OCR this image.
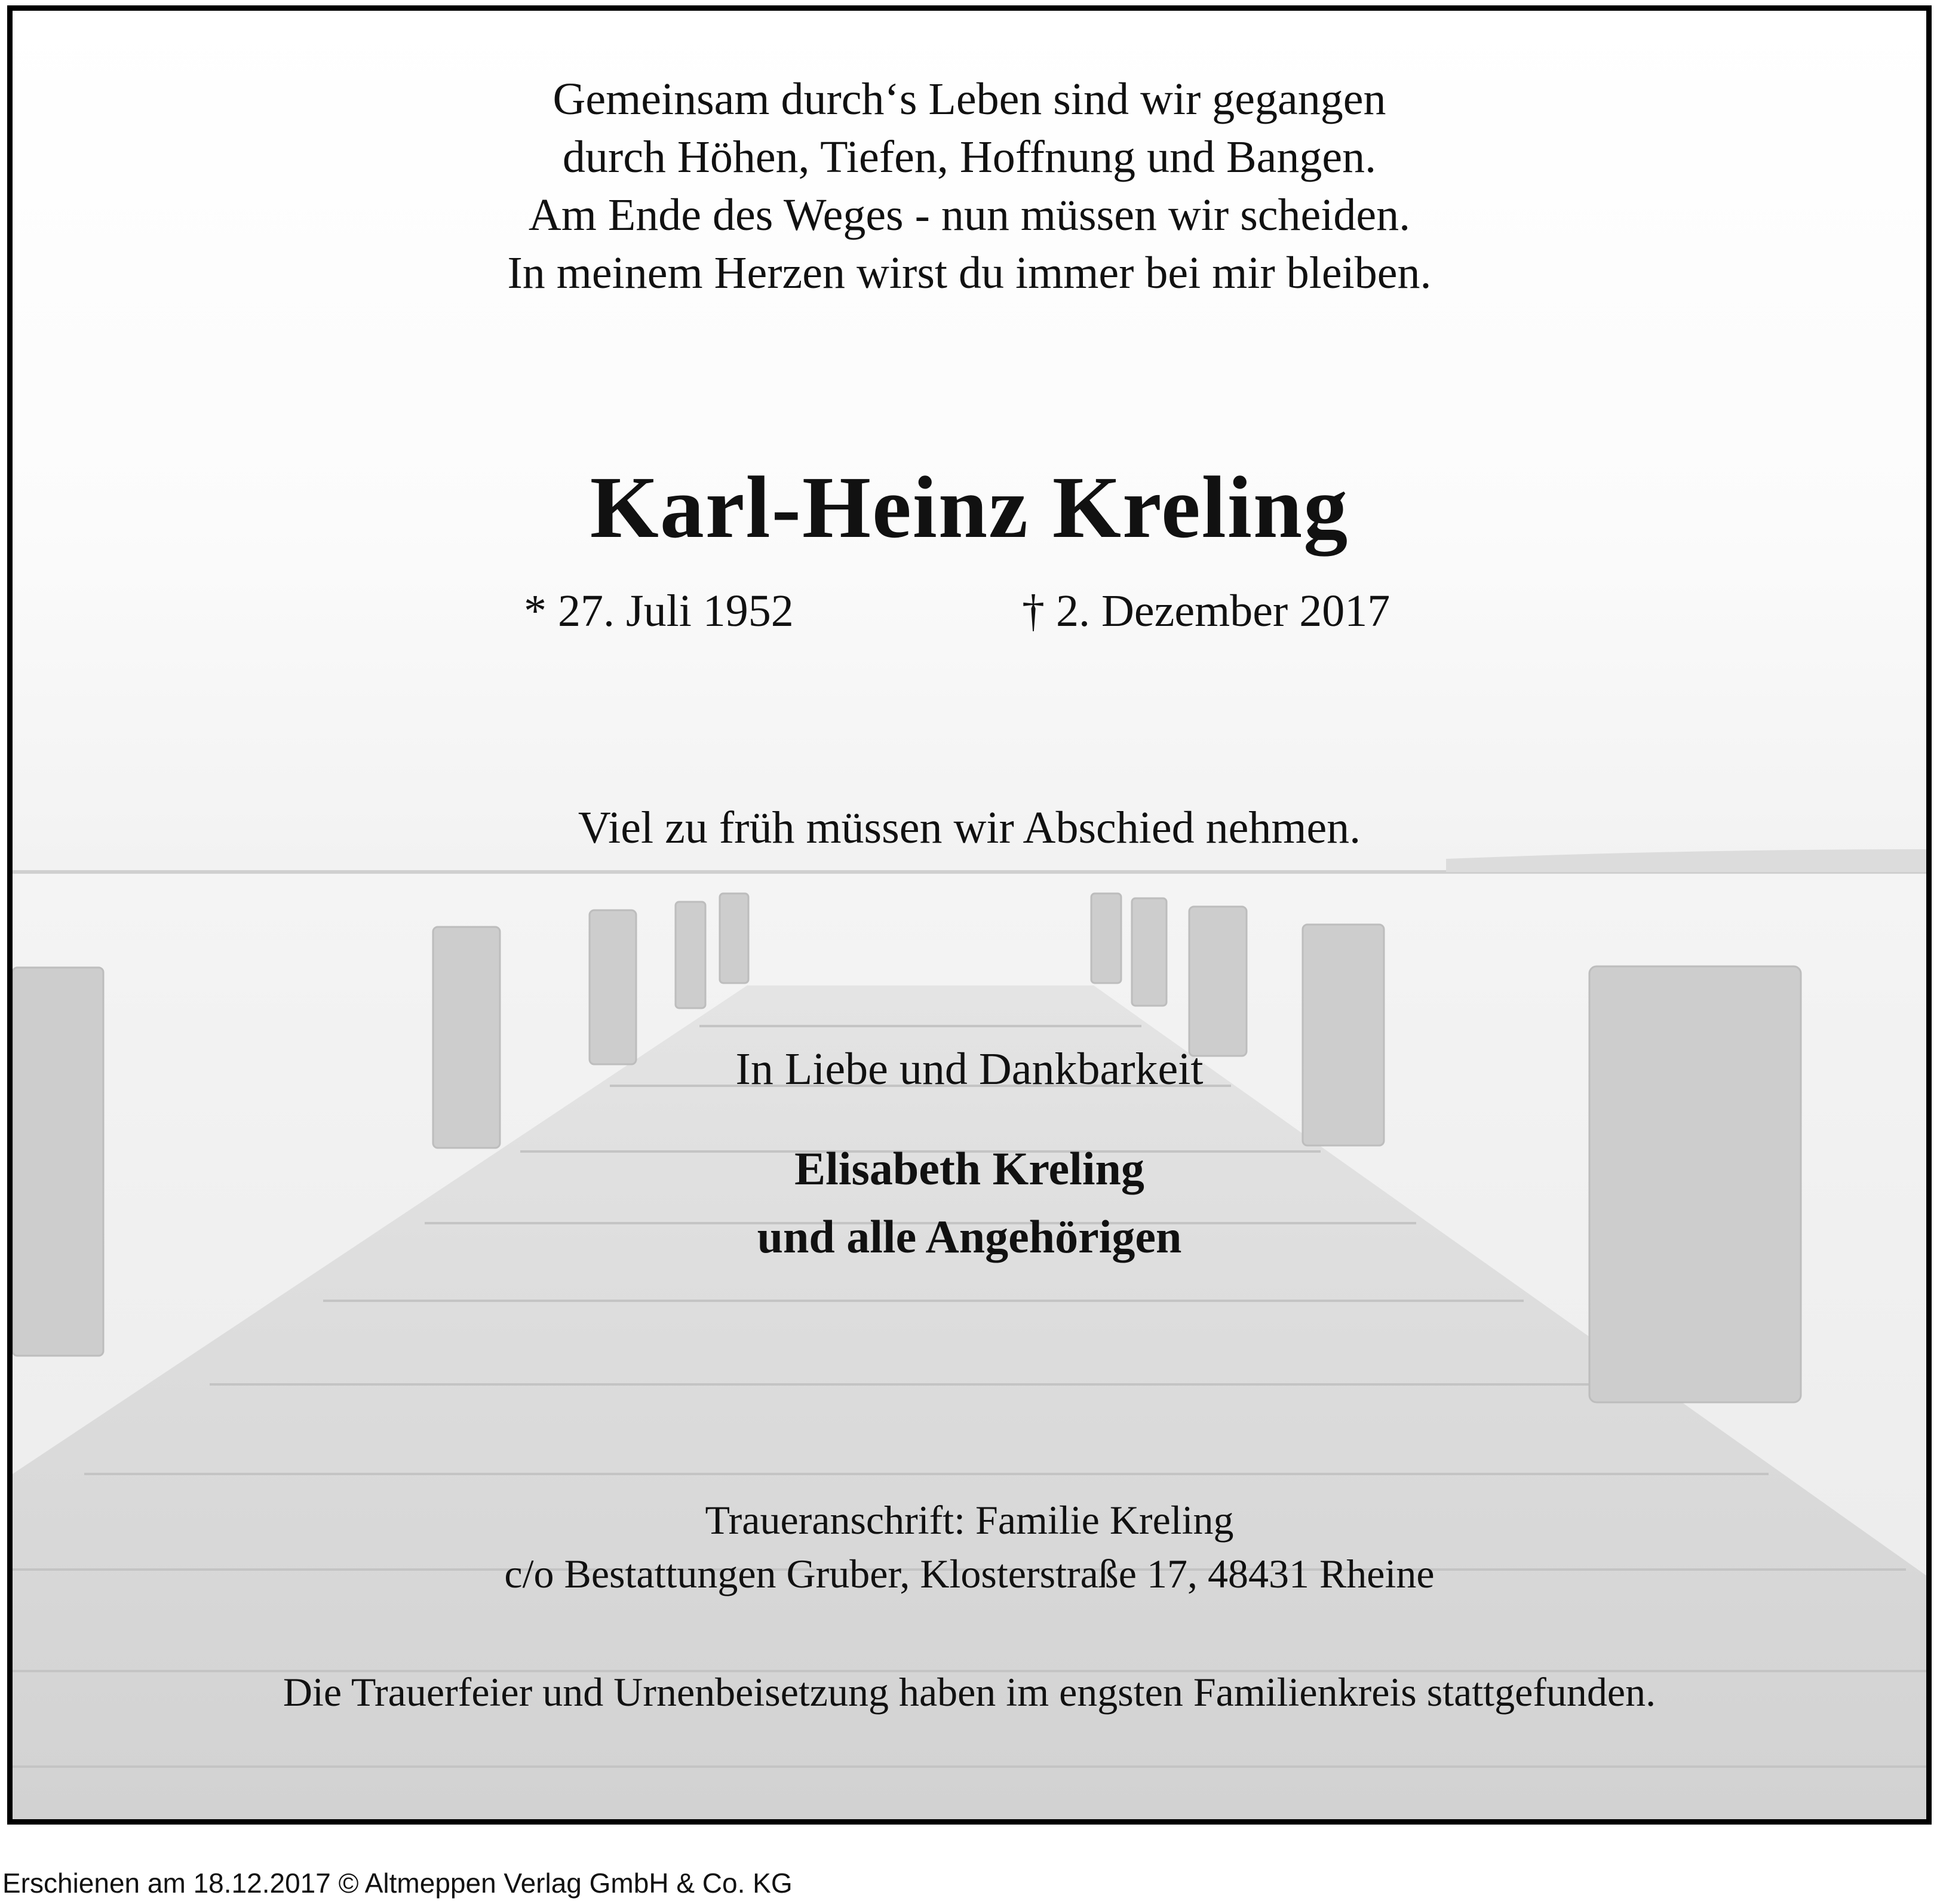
Gemeinsam durch‘s Leben sind wir gegangen
durch Höhen, Tiefen, Hoffnung und Bangen.
Am Ende des Weges - nun müssen wir scheiden.
In meinem Herzen wirst du immer bei mir bleiben.
Karl-Heinz Kreling
* 27. Juli 1952	† 2. Dezember 2017
Viel zu früh müssen wir Abschied nehmen.
In Liebe und Dankbarkeit
Elisabeth Kreling
und alle Angehörigen
Traueranschrift: Familie Kreling
c/o Bestattungen Gruber, Klosterstraße 17, 48431 Rheine
Die Trauerfeier und Urnenbeisetzung haben im engsten Familienkreis stattgefunden.
Erschienen am 18.12.2017 © Altmeppen Verlag GmbH & Co. KG
